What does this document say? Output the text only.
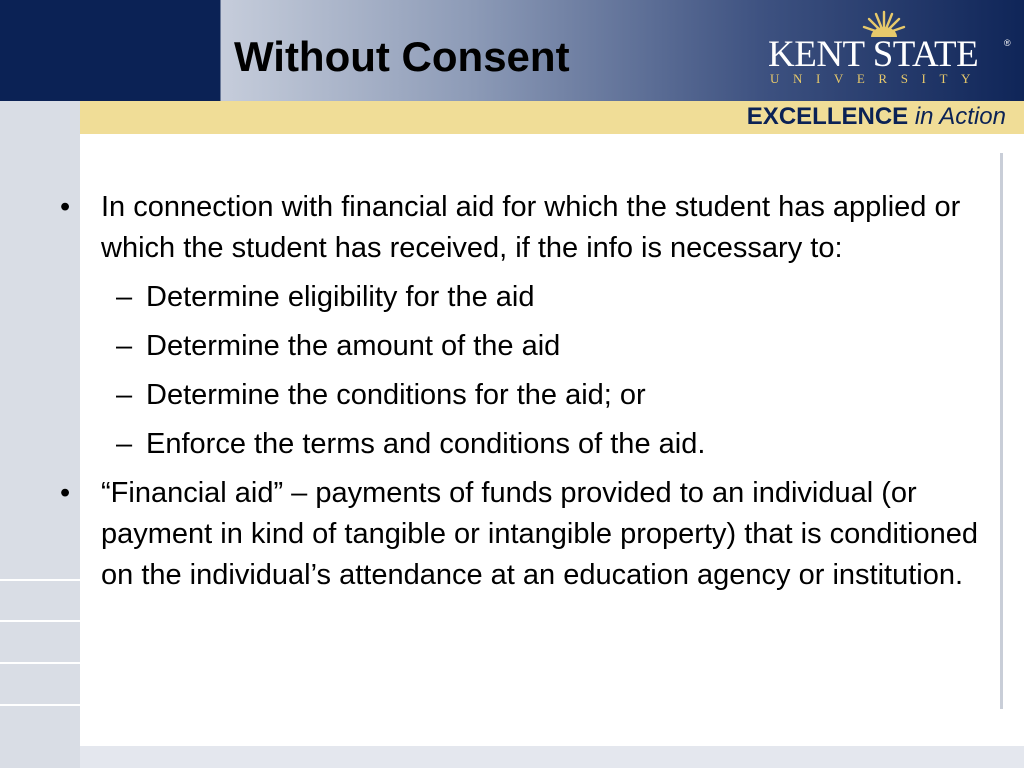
Without Consent	KENT STATE	®
UNIVERSITY
EXCELLENCE in Action

• In connection with financial aid for which the student has applied or which the student has received, if the info is necessary to:

– Determine eligibility for the aid

– Determine the amount of the aid

– Determine the conditions for the aid; or

– Enforce the terms and conditions of the aid.

• “Financial aid” – payments of funds provided to an individual (or payment in kind of tangible or intangible property) that is conditioned on the individual’s attendance at an education agency or institution.
